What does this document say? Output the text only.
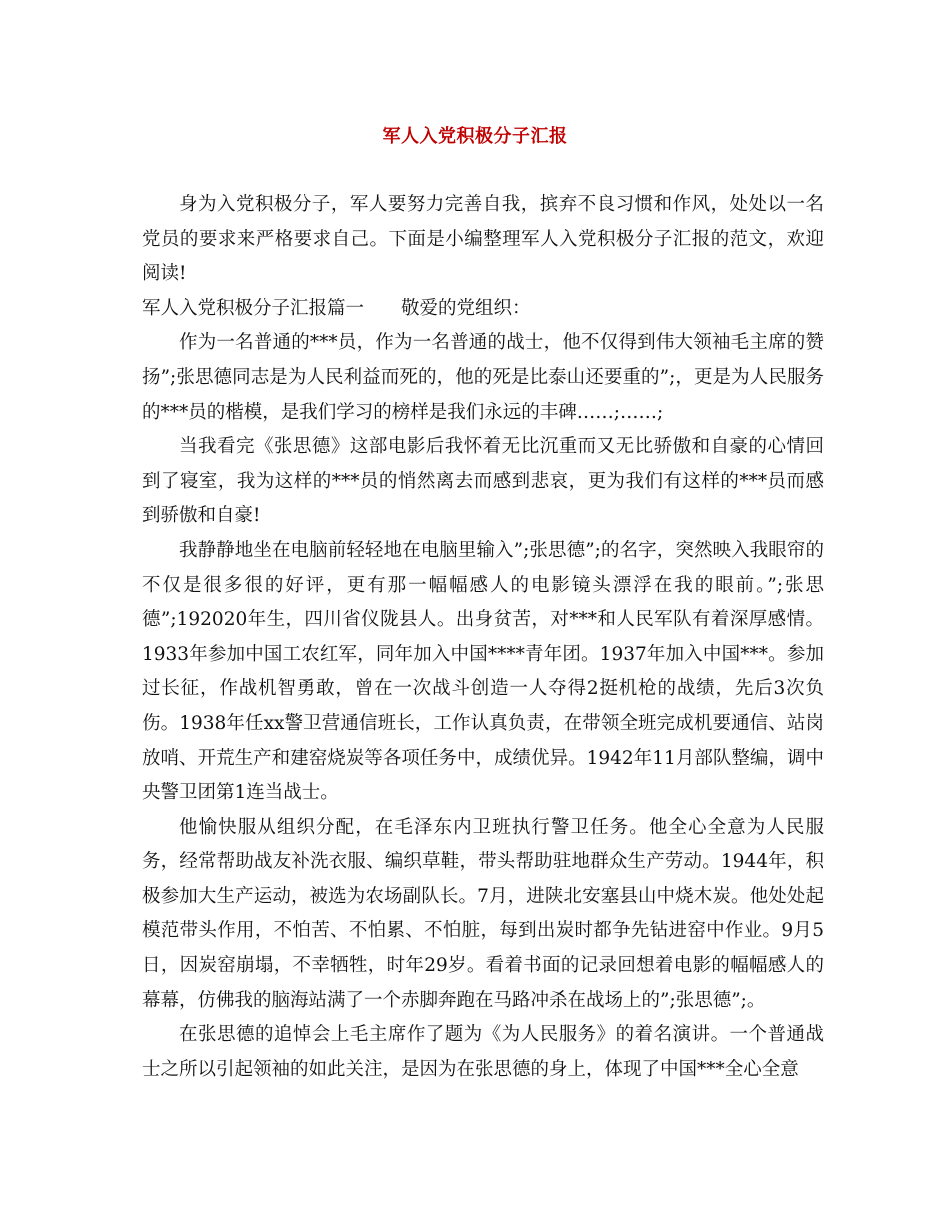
军人入党积极分子汇报

身为入党积极分子，军人要努力完善自我，摈弃不良习惯和作风，处处以一名党员的要求来严格要求自己。下面是小编整理军人入党积极分子汇报的范文，欢迎阅读!

军人入党积极分子汇报篇一　　敬爱的党组织：

作为一名普通的***员，作为一名普通的战士，他不仅得到伟大领袖毛主席的赞扬”;张思德同志是为人民利益而死的，他的死是比泰山还要重的”;，更是为人民服务的***员的楷模，是我们学习的榜样是我们永远的丰碑……;……;

当我看完《张思德》这部电影后我怀着无比沉重而又无比骄傲和自豪的心情回到了寝室，我为这样的***员的悄然离去而感到悲哀，更为我们有这样的***员而感到骄傲和自豪!

我静静地坐在电脑前轻轻地在电脑里输入”;张思德”;的名字，突然映入我眼帘的不仅是很多很的好评，更有那一幅幅感人的电影镜头漂浮在我的眼前。”;张思德”;192020年生，四川省仪陇县人。出身贫苦，对***和人民军队有着深厚感情。1933年参加中国工农红军，同年加入中国****青年团。1937年加入中国***。参加过长征，作战机智勇敢，曾在一次战斗创造一人夺得2挺机枪的战绩，先后3次负伤。1938年任xx警卫营通信班长，工作认真负责，在带领全班完成机要通信、站岗放哨、开荒生产和建窑烧炭等各项任务中，成绩优异。1942年11月部队整编，调中央警卫团第1连当战士。

他愉快服从组织分配，在毛泽东内卫班执行警卫任务。他全心全意为人民服务，经常帮助战友补洗衣服、编织草鞋，带头帮助驻地群众生产劳动。1944年，积极参加大生产运动，被选为农场副队长。7月，进陕北安塞县山中烧木炭。他处处起模范带头作用，不怕苦、不怕累、不怕脏，每到出炭时都争先钻进窑中作业。9月5日，因炭窑崩塌，不幸牺牲，时年29岁。看着书面的记录回想着电影的幅幅感人的幕幕，仿佛我的脑海站满了一个赤脚奔跑在马路冲杀在战场上的”;张思德”;。

在张思德的追悼会上毛主席作了题为《为人民服务》的着名演讲。一个普通战士之所以引起领袖的如此关注，是因为在张思德的身上，体现了中国***全心全意
